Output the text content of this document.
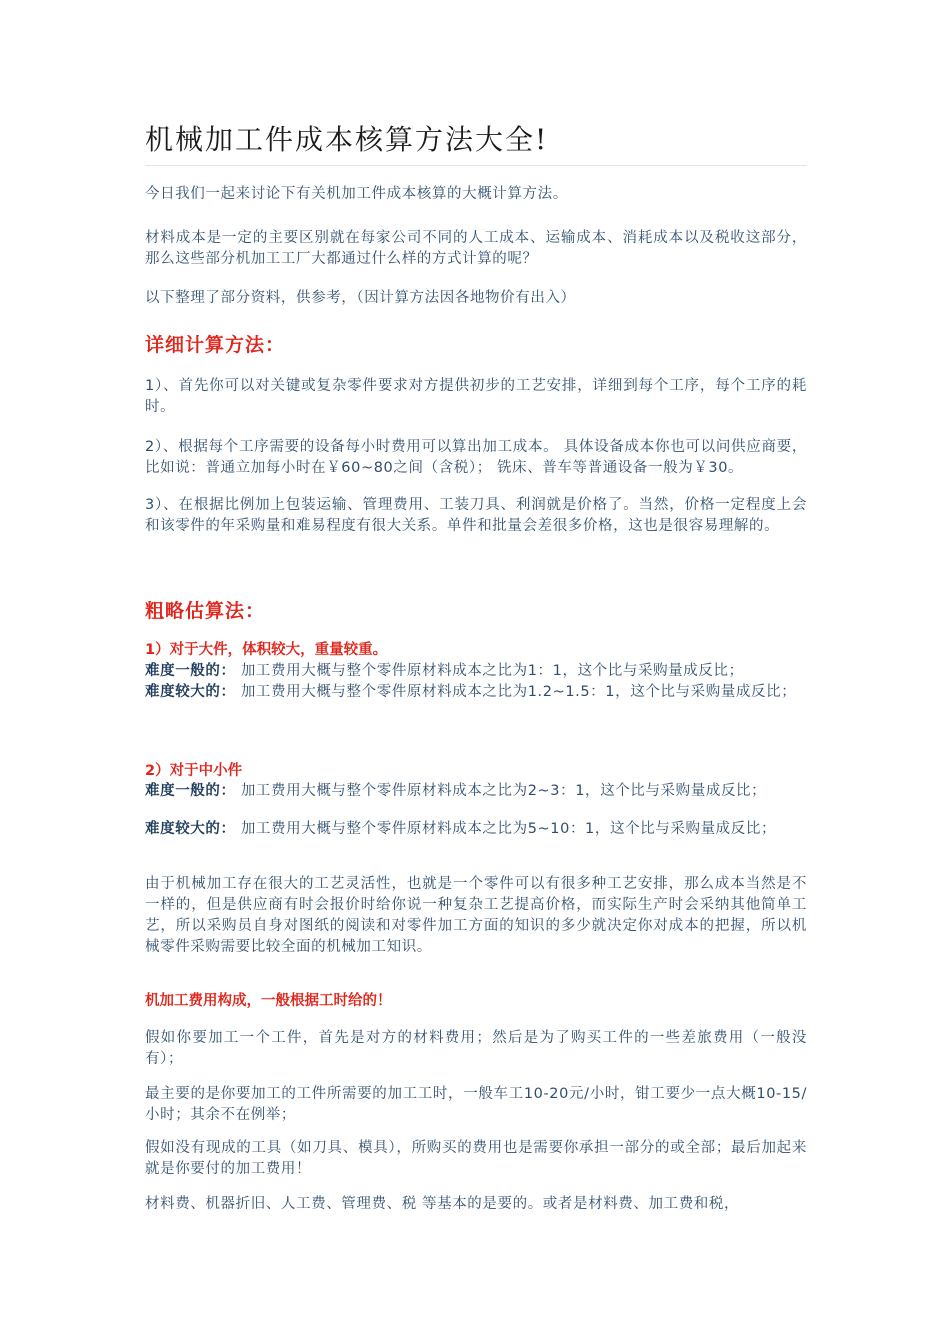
机械加工件成本核算方法大全!
今日我们一起来讨论下有关机加工件成本核算的大概计算方法。
材料成本是一定的主要区别就在每家公司不同的人工成本、运输成本、消耗成本以及税收这部分，那么这些部分机加工工厂大都通过什么样的方式计算的呢？
以下整理了部分资料，供参考，（因计算方法因各地物价有出入）
详细计算方法：
1）、首先你可以对关键或复杂零件要求对方提供初步的工艺安排，详细到每个工序，每个工序的耗时。
2）、根据每个工序需要的设备每小时费用可以算出加工成本。 具体设备成本你也可以问供应商要，比如说：普通立加每小时在￥60~80之间（含税）； 铣床、普车等普通设备一般为￥30。
3）、在根据比例加上包装运输、管理费用、工装刀具、利润就是价格了。当然，价格一定程度上会和该零件的年采购量和难易程度有很大关系。单件和批量会差很多价格，这也是很容易理解的。
粗略估算法：
1）对于大件，体积较大，重量较重。
难度一般的： 加工费用大概与整个零件原材料成本之比为1：1，这个比与采购量成反比；
难度较大的： 加工费用大概与整个零件原材料成本之比为1.2~1.5：1，这个比与采购量成反比；
2）对于中小件
难度一般的： 加工费用大概与整个零件原材料成本之比为2~3：1，这个比与采购量成反比；
难度较大的： 加工费用大概与整个零件原材料成本之比为5~10：1，这个比与采购量成反比；
由于机械加工存在很大的工艺灵活性，也就是一个零件可以有很多种工艺安排，那么成本当然是不一样的，但是供应商有时会报价时给你说一种复杂工艺提高价格，而实际生产时会采纳其他简单工艺，所以采购员自身对图纸的阅读和对零件加工方面的知识的多少就决定你对成本的把握，所以机械零件采购需要比较全面的机械加工知识。
机加工费用构成，一般根据工时给的！
假如你要加工一个工件，首先是对方的材料费用；然后是为了购买工件的一些差旅费用（一般没有）；
最主要的是你要加工的工件所需要的加工工时，一般车工10-20元/小时，钳工要少一点大概10-15/小时；其余不在例举；
假如没有现成的工具（如刀具、模具），所购买的费用也是需要你承担一部分的或全部；最后加起来就是你要付的加工费用！
材料费、机器折旧、人工费、管理费、税 等基本的是要的。或者是材料费、加工费和税，
